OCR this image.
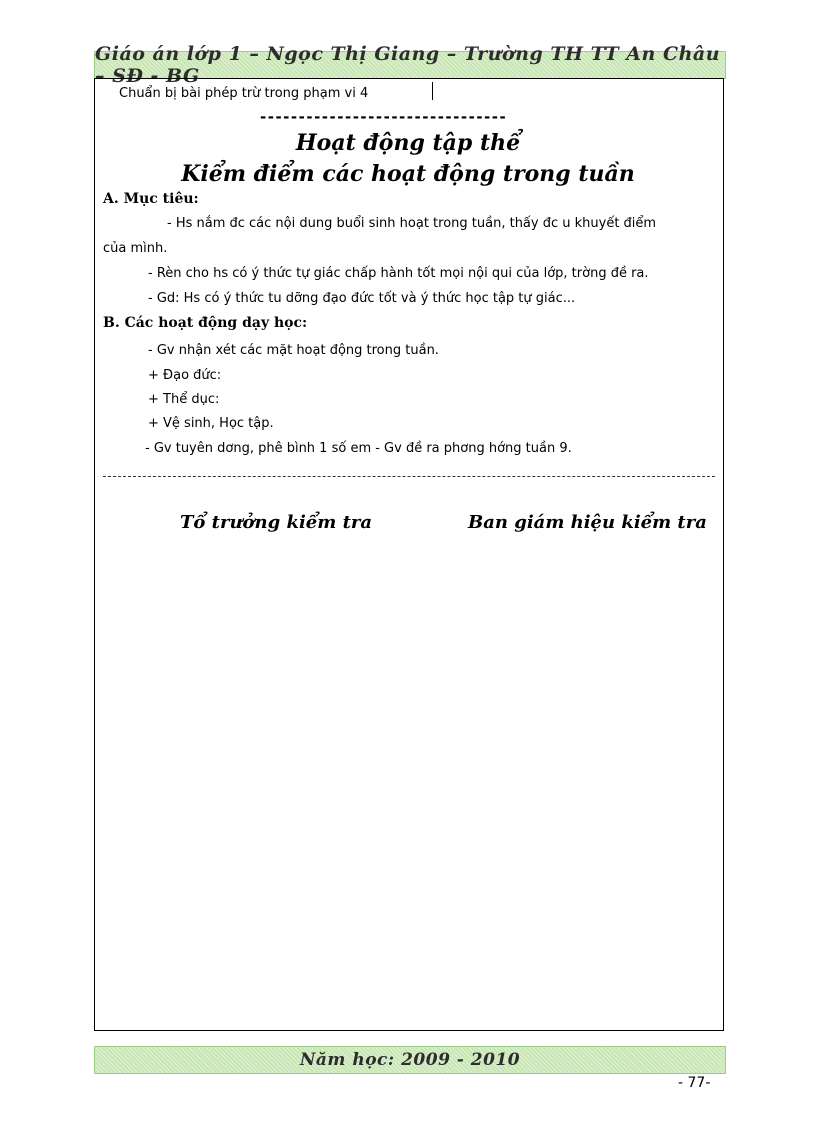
Giáo án lớp 1 – Ngọc Thị Giang – Trường TH TT An Châu – SĐ - BG
Chuẩn bị bài phép trừ trong phạm vi 4
--------------------------------
Hoạt động tập thể
Kiểm điểm các hoạt động trong tuần
A. Mục tiêu:
- Hs nắm đc các nội dung buổi sinh hoạt trong tuần, thấy đc u khuyết điểm
của mình.
- Rèn cho hs có ý thức tự giác chấp hành tốt mọi nội qui của lớp, trờng đề ra.
- Gd: Hs có ý thức tu dỡng đạo đức tốt và ý thức học tập tự giác...
B. Các hoạt động dạy học:
- Gv nhận xét các mặt hoạt động trong tuần.
+ Đạo đức:
+ Thể dục:
+ Vệ sinh, Học tập.
- Gv tuyên dơng, phê bình 1 số em - Gv đề ra phơng hớng tuần 9.
Tổ trưởng kiểm tra	Ban giám hiệu kiểm tra
Năm học: 2009 - 2010
- 77-
